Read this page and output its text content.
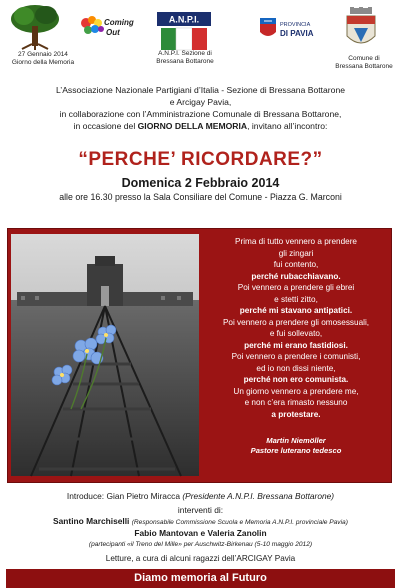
27 Gennaio 2014
Giorno della Memoria
Coming
Out
A.N.P.I.
A.N.P.I. Sezione di
Bressana Bottarone
PROVINCIA
DI PAVIA
Comune di
Bressana Bottarone
L’Associazione Nazionale Partigiani d’Italia - Sezione di Bressana Bottarone
e Arcigay Pavia,
in collaborazione con l’Amministrazione Comunale di Bressana Bottarone,
in occasione del GIORNO DELLA MEMORIA, invitano all’incontro:
“PERCHE’ RICORDARE?”
Domenica 2 Febbraio 2014
alle ore 16.30 presso la Sala Consiliare del Comune - Piazza G. Marconi
Prima di tutto vennero a prendere
gli zingari
fui contento,
perché rubacchiavano.
Poi vennero a prendere gli ebrei
e stetti zitto,
perché mi stavano antipatici.
Poi vennero a prendere gli omosessuali,
e fui sollevato,
perché mi erano fastidiosi.
Poi vennero a prendere i comunisti,
ed io non dissi niente,
perché non ero comunista.
Un giorno vennero a prendere me,
e non c’era rimasto nessuno
a protestare.
Martin Niemöller
Pastore luterano tedesco
Introduce: Gian Pietro Miracca (Presidente A.N.P.I. Bressana Bottarone)
interventi di:
Santino Marchiselli (Responsabile Commissione Scuola e Memoria A.N.P.I. provinciale Pavia)
Fabio Mantovan e Valeria Zanolin
(partecipanti «il Treno del Mille» per Auschwitz-Birkenau (5-10 maggio 2012)
Letture, a cura di alcuni ragazzi dell’ARCIGAY Pavia
Diamo memoria al Futuro
